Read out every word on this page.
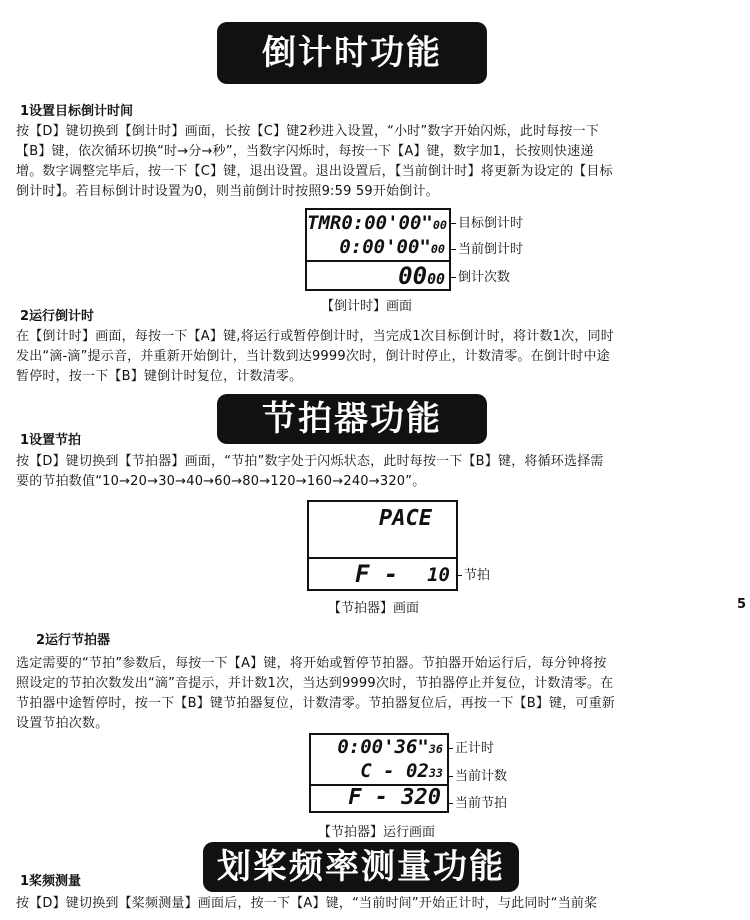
倒计时功能
1设置目标倒计时间
按【D】键切换到【倒计时】画面，长按【C】键2秒进入设置，“小时”数字开始闪烁，此时每按一下
【B】键，依次循环切换“时→分→秒”，当数字闪烁时，每按一下【A】键，数字加1，长按则快速递
增。数字调整完毕后，按一下【C】键，退出设置。退出设置后，【当前倒计时】将更新为设定的【目标
倒计时】。若目标倒计时设置为0，则当前倒计时按照9:59 59开始倒计。
TMR0:00'00"00
0:00'00"00
0000
目标倒计时
当前倒计时
倒计次数
【倒计时】画面
2运行倒计时
在【倒计时】画面，每按一下【A】键,将运行或暂停倒计时，当完成1次目标倒计时，将计数1次，同时
发出“滴-滴”提示音，并重新开始倒计，当计数到达9999次时，倒计时停止，计数清零。在倒计时中途
暂停时，按一下【B】键倒计时复位，计数清零。
节拍器功能
1设置节拍
按【D】键切换到【节拍器】画面，“节拍”数字处于闪烁状态，此时每按一下【B】键，将循环选择需
要的节拍数值“10→20→30→40→60→80→120→160→240→320”。
PACE
F - 10	节拍
【节拍器】画面	5
2运行节拍器
选定需要的“节拍”参数后，每按一下【A】键，将开始或暂停节拍器。节拍器开始运行后，每分钟将按
照设定的节拍次数发出“滴”音提示，并计数1次，当达到9999次时，节拍器停止并复位，计数清零。在
节拍器中途暂停时，按一下【B】键节拍器复位，计数清零。节拍器复位后，再按一下【B】键，可重新
设置节拍次数。
0:00'36"36
C - 0233
F - 320
正计时
当前计数
当前节拍
【节拍器】运行画面
划桨频率测量功能
1桨频测量
按【D】键切换到【桨频测量】画面后，按一下【A】键，“当前时间”开始正计时，与此同时“当前桨
